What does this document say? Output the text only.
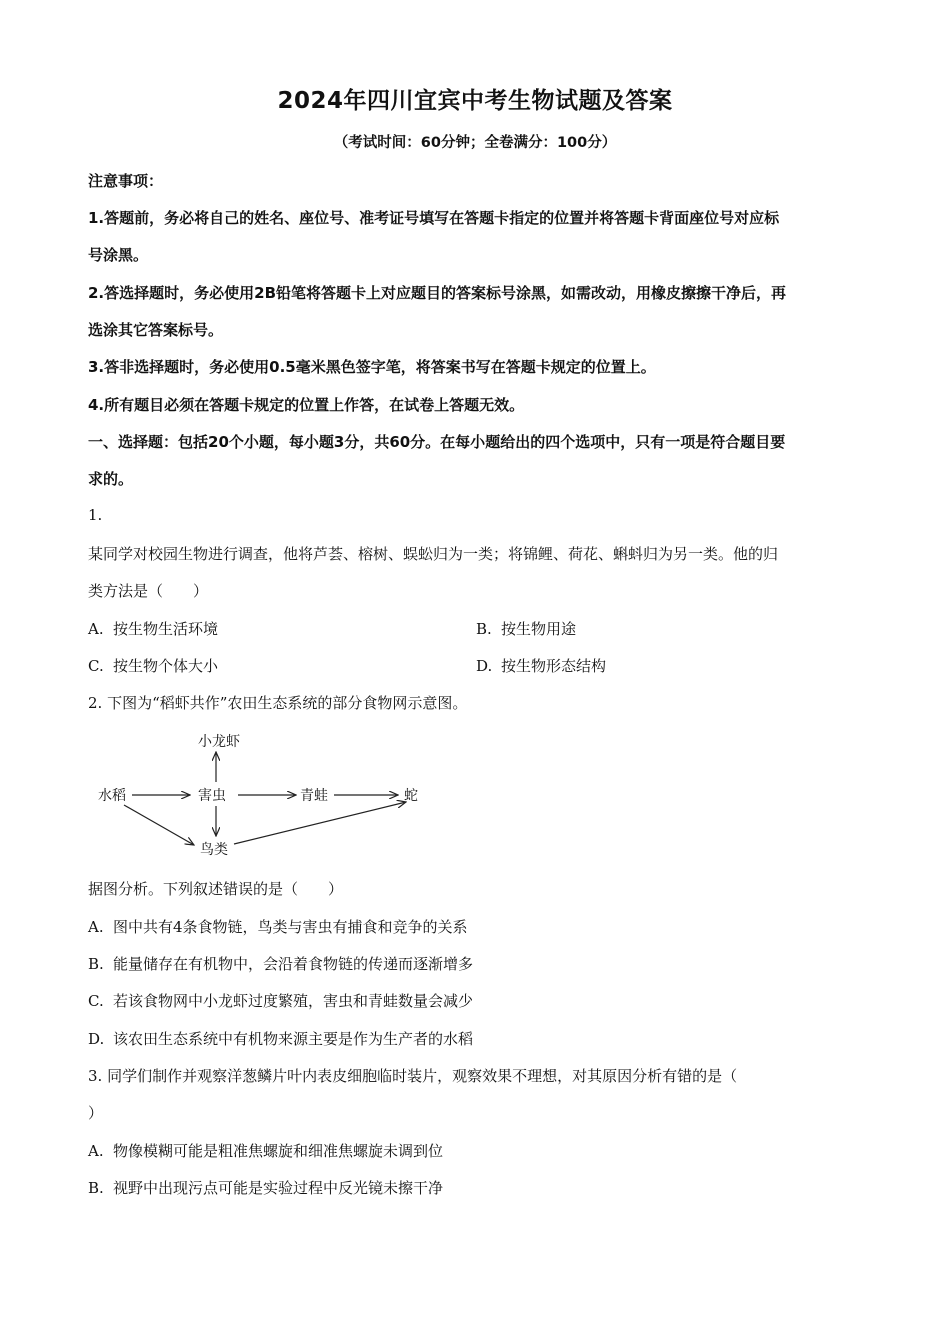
2024年四川宜宾中考生物试题及答案
（考试时间：60分钟；全卷满分：100分）
注意事项：
1.答题前，务必将自己的姓名、座位号、准考证号填写在答题卡指定的位置并将答题卡背面座位号对应标
号涂黑。
2.答选择题时，务必使用2B铅笔将答题卡上对应题目的答案标号涂黑，如需改动，用橡皮擦擦干净后，再
选涂其它答案标号。
3.答非选择题时，务必使用0.5毫米黑色签字笔，将答案书写在答题卡规定的位置上。
4.所有题目必须在答题卡规定的位置上作答，在试卷上答题无效。
一、选择题：包括20个小题，每小题3分，共60分。在每小题给出的四个选项中，只有一项是符合题目要
求的。
1.
某同学对校园生物进行调查，他将芦荟、榕树、蜈蚣归为一类；将锦鲤、荷花、蝌蚪归为另一类。他的归
类方法是（　　）
A. 按生物生活环境	B. 按生物用途
C. 按生物个体大小	D. 按生物形态结构
2. 下图为“稻虾共作”农田生态系统的部分食物网示意图。
小龙虾
水稻	害虫	青蛙	蛇
鸟类
据图分析。下列叙述错误的是（　　）
A. 图中共有4条食物链，鸟类与害虫有捕食和竞争的关系
B. 能量储存在有机物中，会沿着食物链的传递而逐渐增多
C. 若该食物网中小龙虾过度繁殖，害虫和青蛙数量会减少
D. 该农田生态系统中有机物来源主要是作为生产者的水稻
3. 同学们制作并观察洋葱鳞片叶内表皮细胞临时装片，观察效果不理想，对其原因分析有错的是（
）
A. 物像模糊可能是粗准焦螺旋和细准焦螺旋未调到位
B. 视野中出现污点可能是实验过程中反光镜未擦干净
